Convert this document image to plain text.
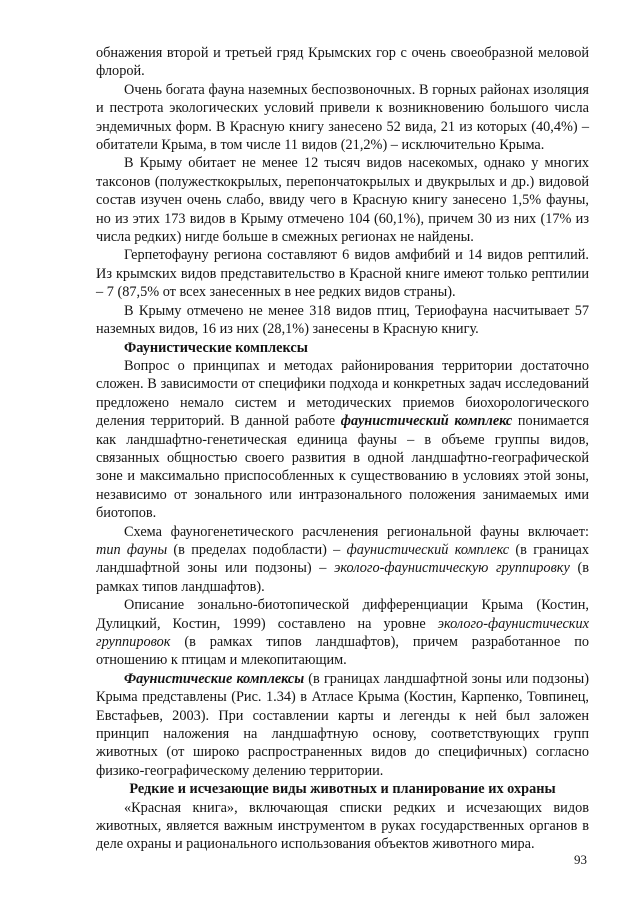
обнажения второй и третьей гряд Крымских гор с очень своеобразной меловой флорой.

Очень богата фауна наземных беспозвоночных. В горных районах изоляция и пестрота экологических условий привели к возникновению большого числа эндемичных форм. В Красную книгу занесено 52 вида, 21 из которых (40,4%) – обитатели Крыма, в том числе 11 видов (21,2%) – исключительно Крыма.

В Крыму обитает не менее 12 тысяч видов насекомых, однако у многих таксонов (полужесткокрылых, перепончатокрылых и двукрылых и др.) видовой состав изучен очень слабо, ввиду чего в Красную книгу занесено 1,5% фауны, но из этих 173 видов в Крыму отмечено 104 (60,1%), причем 30 из них (17% из числа редких) нигде больше в смежных регионах не найдены.

Герпетофауну региона составляют 6 видов амфибий и 14 видов рептилий. Из крымских видов представительство в Красной книге имеют только рептилии – 7 (87,5% от всех занесенных в нее редких видов страны).

В Крыму отмечено не менее 318 видов птиц, Териофауна насчитывает 57 наземных видов, 16 из них (28,1%) занесены в Красную книгу.

Фаунистические комплексы

Вопрос о принципах и методах районирования территории достаточно сложен. В зависимости от специфики подхода и конкретных задач исследований предложено немало систем и методических приемов биохорологического деления территорий. В данной работе фаунистический комплекс понимается как ландшафтно-генетическая единица фауны – в объеме группы видов, связанных общностью своего развития в одной ландшафтно-географической зоне и максимально приспособленных к существованию в условиях этой зоны, независимо от зонального или интразонального положения занимаемых ими биотопов.

Схема фауногенетического расчленения региональной фауны включает: тип фауны (в пределах подобласти) – фаунистический комплекс (в границах ландшафтной зоны или подзоны) – эколого-фаунистическую группировку (в рамках типов ландшафтов).

Описание зонально-биотопической дифференциации Крыма (Костин, Дулицкий, Костин, 1999) составлено на уровне эколого-фаунистических группировок (в рамках типов ландшафтов), причем разработанное по отношению к птицам и млекопитающим.

Фаунистические комплексы (в границах ландшафтной зоны или подзоны) Крыма представлены (Рис. 1.34) в Атласе Крыма (Костин, Карпенко, Товпинец, Евстафьев, 2003). При составлении карты и легенды к ней был заложен принцип наложения на ландшафтную основу, соответствующих групп животных (от широко распространенных видов до специфичных) согласно физико-географическому делению территории.

Редкие и исчезающие виды животных и планирование их охраны

«Красная книга», включающая списки редких и исчезающих видов животных, является важным инструментом в руках государственных органов в деле охраны и рационального использования объектов животного мира.

93
